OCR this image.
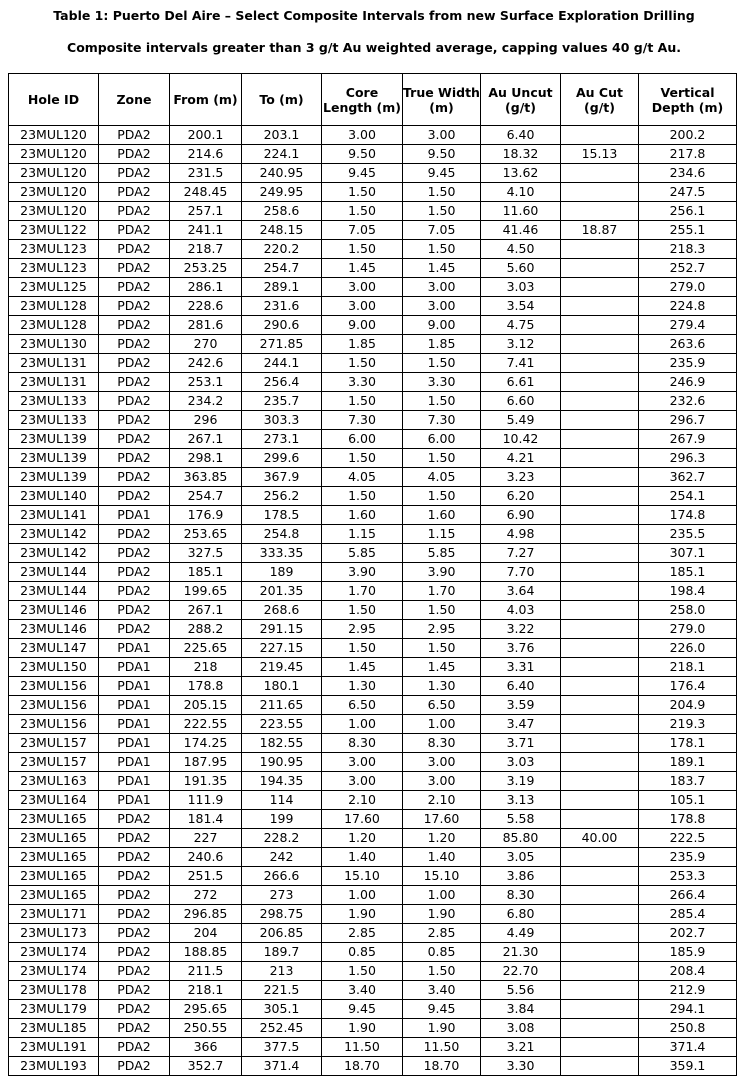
Table 1: Puerto Del Aire – Select Composite Intervals from new Surface Exploration Drilling

Composite intervals greater than 3 g/t Au weighted average, capping values 40 g/t Au.

Hole ID	Zone	From (m)	To (m)	Core Length (m)	True Width (m)	Au Uncut (g/t)	Au Cut (g/t)	Vertical Depth (m)
23MUL120	PDA2	200.1	203.1	3.00	3.00	6.40		200.2
23MUL120	PDA2	214.6	224.1	9.50	9.50	18.32	15.13	217.8
23MUL120	PDA2	231.5	240.95	9.45	9.45	13.62		234.6
23MUL120	PDA2	248.45	249.95	1.50	1.50	4.10		247.5
23MUL120	PDA2	257.1	258.6	1.50	1.50	11.60		256.1
23MUL122	PDA2	241.1	248.15	7.05	7.05	41.46	18.87	255.1
23MUL123	PDA2	218.7	220.2	1.50	1.50	4.50		218.3
23MUL123	PDA2	253.25	254.7	1.45	1.45	5.60		252.7
23MUL125	PDA2	286.1	289.1	3.00	3.00	3.03		279.0
23MUL128	PDA2	228.6	231.6	3.00	3.00	3.54		224.8
23MUL128	PDA2	281.6	290.6	9.00	9.00	4.75		279.4
23MUL130	PDA2	270	271.85	1.85	1.85	3.12		263.6
23MUL131	PDA2	242.6	244.1	1.50	1.50	7.41		235.9
23MUL131	PDA2	253.1	256.4	3.30	3.30	6.61		246.9
23MUL133	PDA2	234.2	235.7	1.50	1.50	6.60		232.6
23MUL133	PDA2	296	303.3	7.30	7.30	5.49		296.7
23MUL139	PDA2	267.1	273.1	6.00	6.00	10.42		267.9
23MUL139	PDA2	298.1	299.6	1.50	1.50	4.21		296.3
23MUL139	PDA2	363.85	367.9	4.05	4.05	3.23		362.7
23MUL140	PDA2	254.7	256.2	1.50	1.50	6.20		254.1
23MUL141	PDA1	176.9	178.5	1.60	1.60	6.90		174.8
23MUL142	PDA2	253.65	254.8	1.15	1.15	4.98		235.5
23MUL142	PDA2	327.5	333.35	5.85	5.85	7.27		307.1
23MUL144	PDA2	185.1	189	3.90	3.90	7.70		185.1
23MUL144	PDA2	199.65	201.35	1.70	1.70	3.64		198.4
23MUL146	PDA2	267.1	268.6	1.50	1.50	4.03		258.0
23MUL146	PDA2	288.2	291.15	2.95	2.95	3.22		279.0
23MUL147	PDA1	225.65	227.15	1.50	1.50	3.76		226.0
23MUL150	PDA1	218	219.45	1.45	1.45	3.31		218.1
23MUL156	PDA1	178.8	180.1	1.30	1.30	6.40		176.4
23MUL156	PDA1	205.15	211.65	6.50	6.50	3.59		204.9
23MUL156	PDA1	222.55	223.55	1.00	1.00	3.47		219.3
23MUL157	PDA1	174.25	182.55	8.30	8.30	3.71		178.1
23MUL157	PDA1	187.95	190.95	3.00	3.00	3.03		189.1
23MUL163	PDA1	191.35	194.35	3.00	3.00	3.19		183.7
23MUL164	PDA1	111.9	114	2.10	2.10	3.13		105.1
23MUL165	PDA2	181.4	199	17.60	17.60	5.58		178.8
23MUL165	PDA2	227	228.2	1.20	1.20	85.80	40.00	222.5
23MUL165	PDA2	240.6	242	1.40	1.40	3.05		235.9
23MUL165	PDA2	251.5	266.6	15.10	15.10	3.86		253.3
23MUL165	PDA2	272	273	1.00	1.00	8.30		266.4
23MUL171	PDA2	296.85	298.75	1.90	1.90	6.80		285.4
23MUL173	PDA2	204	206.85	2.85	2.85	4.49		202.7
23MUL174	PDA2	188.85	189.7	0.85	0.85	21.30		185.9
23MUL174	PDA2	211.5	213	1.50	1.50	22.70		208.4
23MUL178	PDA2	218.1	221.5	3.40	3.40	5.56		212.9
23MUL179	PDA2	295.65	305.1	9.45	9.45	3.84		294.1
23MUL185	PDA2	250.55	252.45	1.90	1.90	3.08		250.8
23MUL191	PDA2	366	377.5	11.50	11.50	3.21		371.4
23MUL193	PDA2	352.7	371.4	18.70	18.70	3.30		359.1
